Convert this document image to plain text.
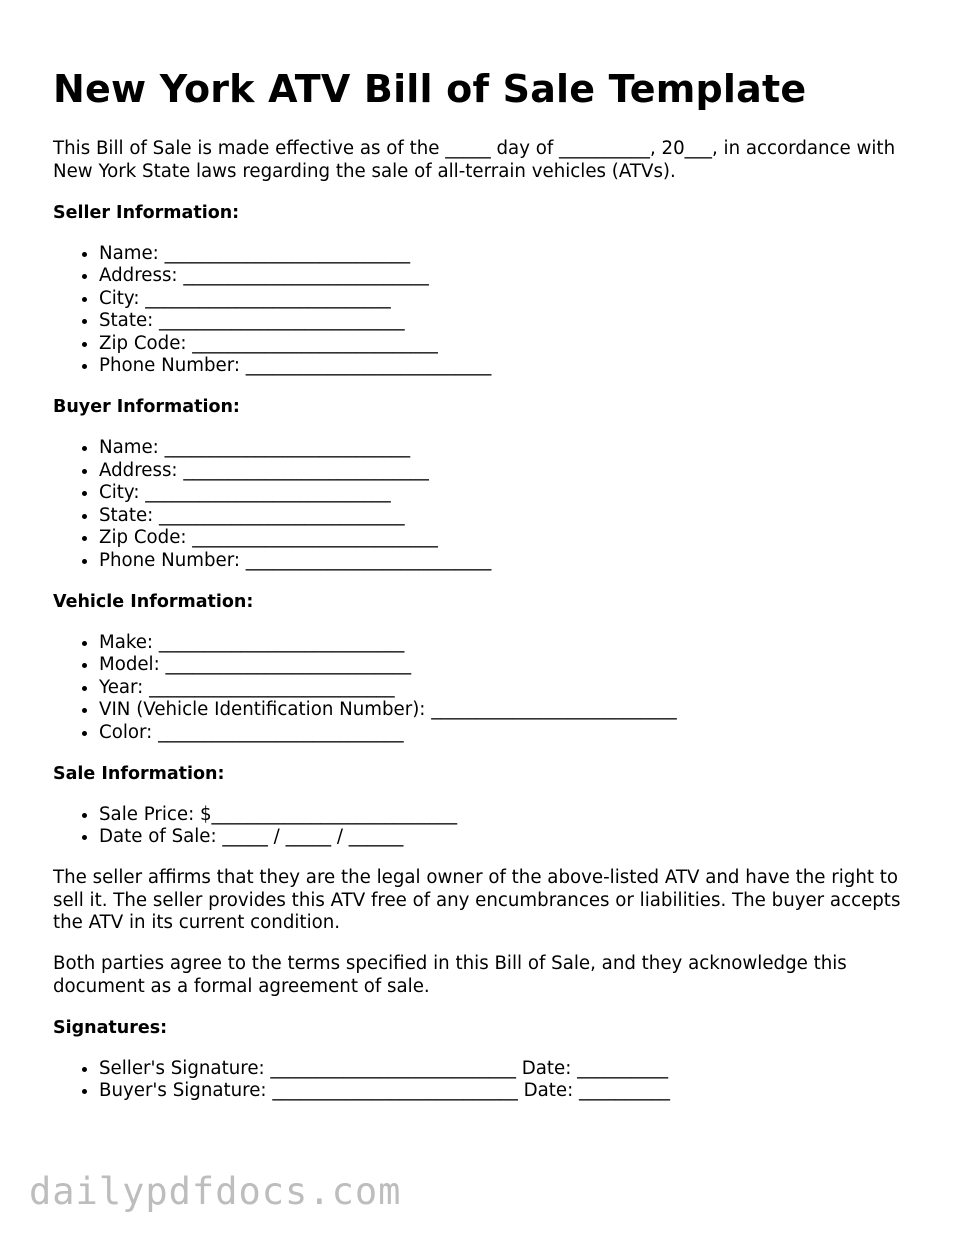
New York ATV Bill of Sale Template

This Bill of Sale is made effective as of the _____ day of __________, 20___, in accordance with New York State laws regarding the sale of all-terrain vehicles (ATVs).

Seller Information:
• Name: ___________________________
• Address: ___________________________
• City: ___________________________
• State: ___________________________
• Zip Code: ___________________________
• Phone Number: ___________________________
Buyer Information:
• Name: ___________________________
• Address: ___________________________
• City: ___________________________
• State: ___________________________
• Zip Code: ___________________________
• Phone Number: ___________________________
Vehicle Information:
• Make: ___________________________
• Model: ___________________________
• Year: ___________________________
• VIN (Vehicle Identification Number): ___________________________
• Color: ___________________________
Sale Information:
• Sale Price: $___________________________
• Date of Sale: _____ / _____ / ______

The seller affirms that they are the legal owner of the above-listed ATV and have the right to sell it. The seller provides this ATV free of any encumbrances or liabilities. The buyer accepts the ATV in its current condition.

Both parties agree to the terms specified in this Bill of Sale, and they acknowledge this document as a formal agreement of sale.

Signatures:
• Seller's Signature: ___________________________ Date: __________
• Buyer's Signature: ___________________________ Date: __________
dailypdfdocs.com
